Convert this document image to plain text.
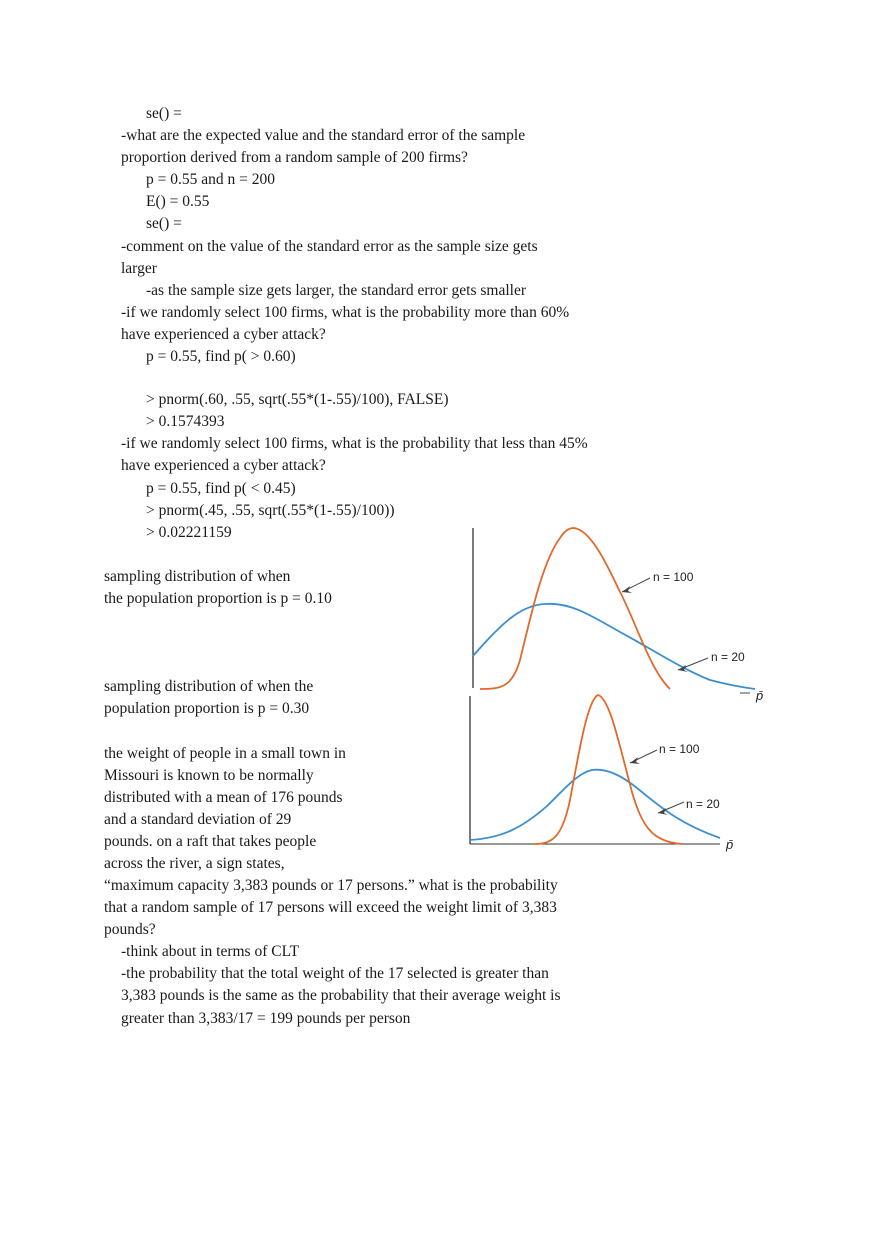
se() =
-what are the expected value and the standard error of the sample
proportion derived from a random sample of 200 firms?
p = 0.55 and n = 200
E() = 0.55
se() =
-comment on the value of the standard error as the sample size gets
larger
-as the sample size gets larger, the standard error gets smaller
-if we randomly select 100 firms, what is the probability more than 60%
have experienced a cyber attack?
p = 0.55, find p( > 0.60)
> pnorm(.60, .55, sqrt(.55*(1-.55)/100), FALSE)
> 0.1574393
-if we randomly select 100 firms, what is the probability that less than 45%
have experienced a cyber attack?
p = 0.55, find p( < 0.45)
> pnorm(.45, .55, sqrt(.55*(1-.55)/100))
> 0.02221159
sampling distribution of when
the population proportion is p = 0.10
sampling distribution of when the
population proportion is p = 0.30
the weight of people in a small town in
Missouri is known to be normally
distributed with a mean of 176 pounds
and a standard deviation of 29
pounds. on a raft that takes people
across the river, a sign states,
“maximum capacity 3,383 pounds or 17 persons.” what is the probability
that a random sample of 17 persons will exceed the weight limit of 3,383
pounds?
-think about in terms of CLT
-the probability that the total weight of the 17 selected is greater than
3,383 pounds is the same as the probability that their average weight is
greater than 3,383/17 = 199 pounds per person
n = 100
n = 20
p̄
n = 100
n = 20
p̄
